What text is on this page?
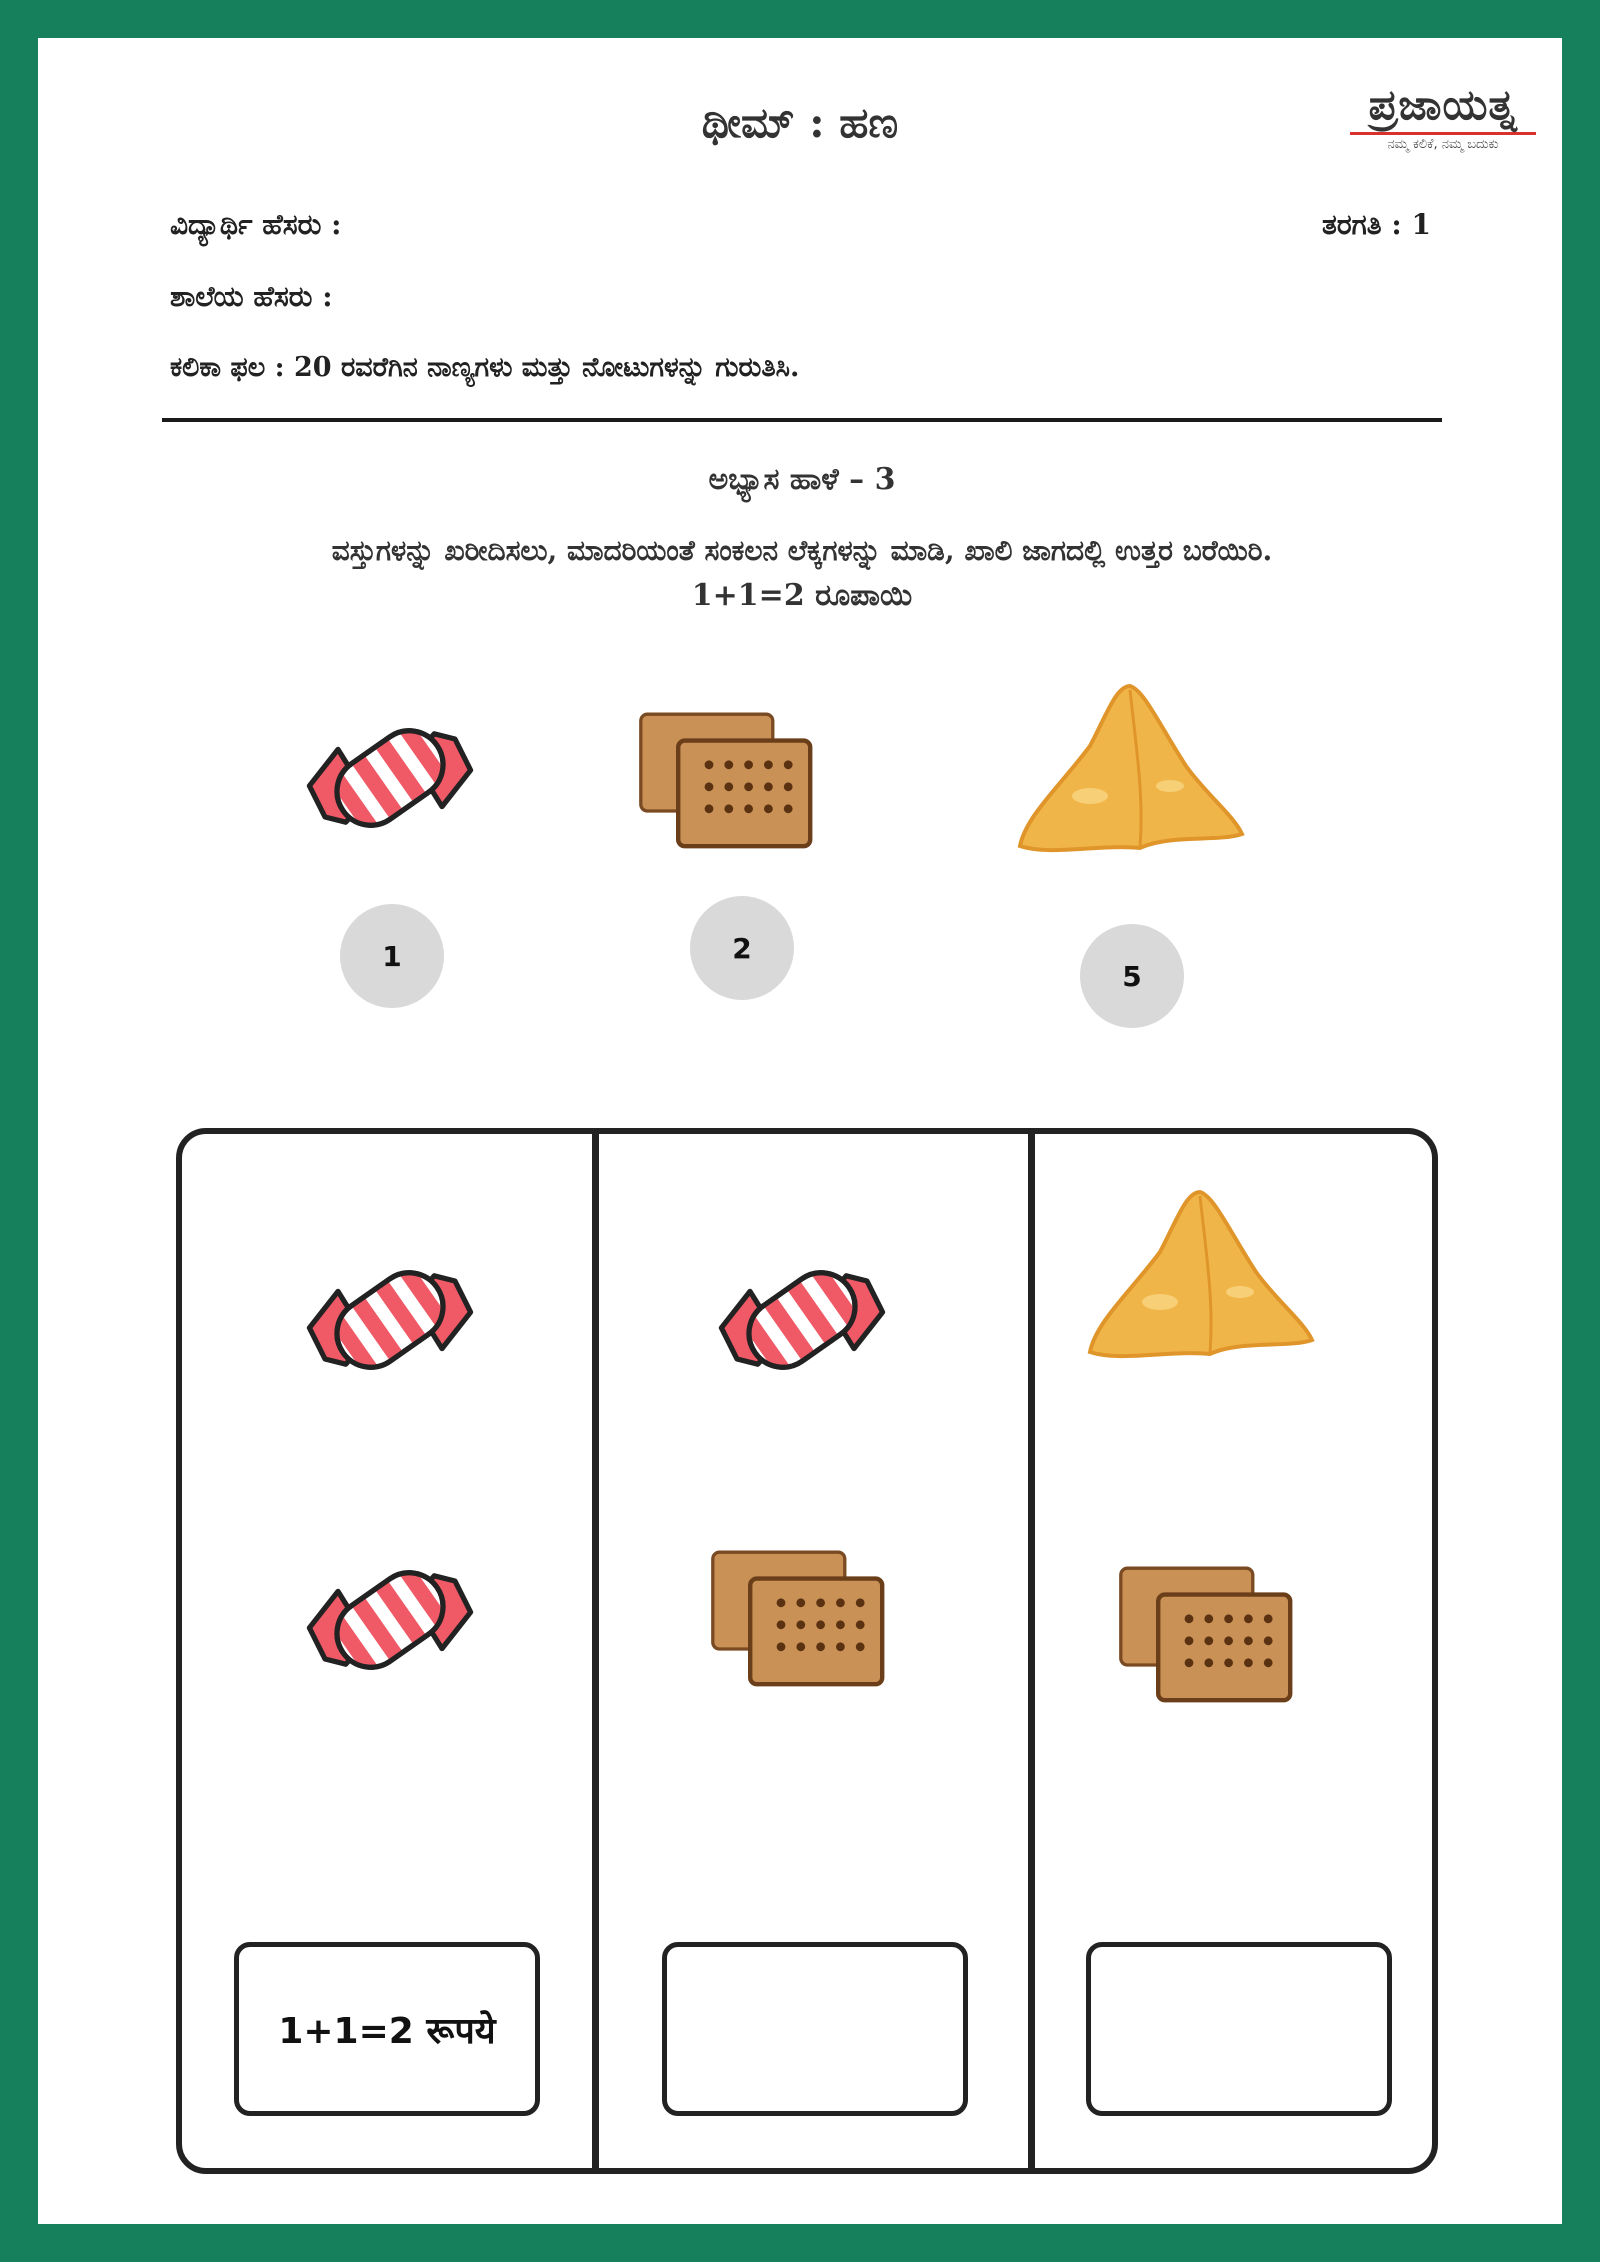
ಥೀಮ್ : ಹಣ	ಪ್ರಜಾಯತ್ನ
ನಮ್ಮ ಕಲಿಕೆ, ನಮ್ಮ ಬದುಕು
ವಿದ್ಯಾರ್ಥಿ ಹೆಸರು :	ತರಗತಿ : 1
ಶಾಲೆಯ ಹೆಸರು :
ಕಲಿಕಾ ಫಲ : 20 ರವರೆಗಿನ ನಾಣ್ಯಗಳು ಮತ್ತು ನೋಟುಗಳನ್ನು ಗುರುತಿಸಿ.
ಅಭ್ಯಾಸ ಹಾಳೆ – 3
ವಸ್ತುಗಳನ್ನು ಖರೀದಿಸಲು, ಮಾದರಿಯಂತೆ ಸಂಕಲನ ಲೆಕ್ಕಗಳನ್ನು ಮಾಡಿ, ಖಾಲಿ ಜಾಗದಲ್ಲಿ ಉತ್ತರ ಬರೆಯಿರಿ.
1+1=2 ರೂಪಾಯಿ
1	2
5
1+1=2 रूपये
